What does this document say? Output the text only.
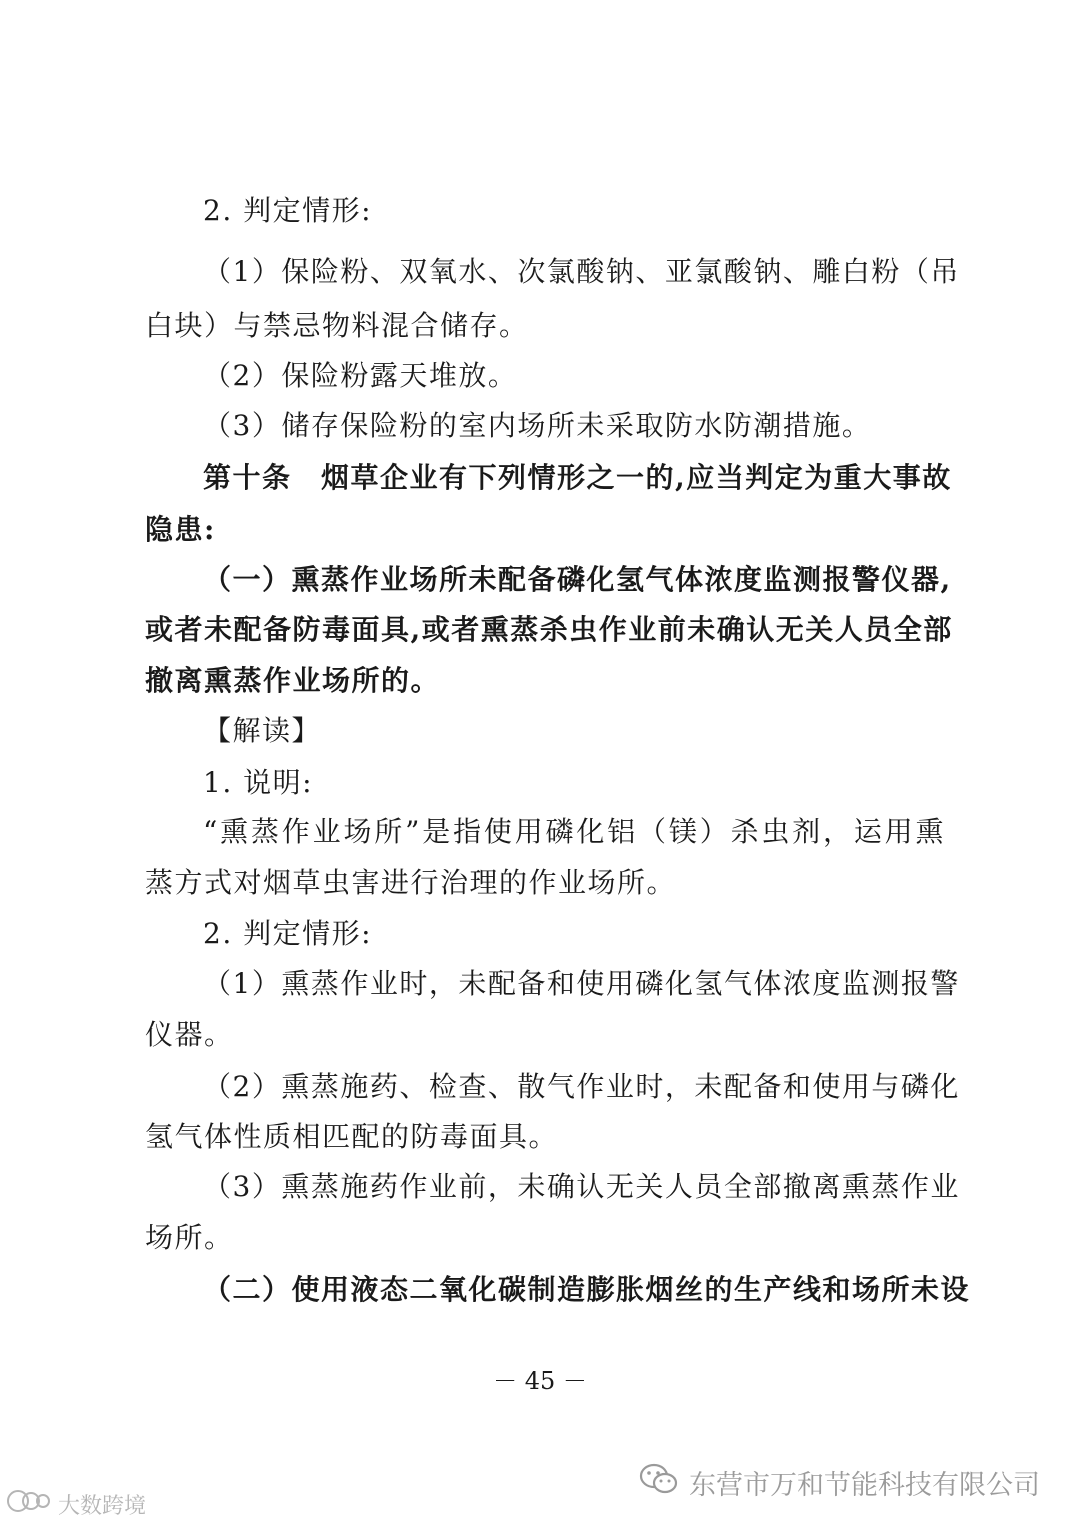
2. 判定情形:
（1）保险粉、双氧水、次氯酸钠、亚氯酸钠、雕白粉（吊
白块）与禁忌物料混合储存。
（2）保险粉露天堆放。
（3）储存保险粉的室内场所未采取防水防潮措施。
第十条　烟草企业有下列情形之一的,应当判定为重大事故
隐患:
（一）熏蒸作业场所未配备磷化氢气体浓度监测报警仪器,
或者未配备防毒面具,或者熏蒸杀虫作业前未确认无关人员全部
撤离熏蒸作业场所的。
【解读】
1. 说明:
“熏蒸作业场所”是指使用磷化铝（镁）杀虫剂，运用熏
蒸方式对烟草虫害进行治理的作业场所。
2. 判定情形:
（1）熏蒸作业时，未配备和使用磷化氢气体浓度监测报警
仪器。
（2）熏蒸施药、检查、散气作业时，未配备和使用与磷化
氢气体性质相匹配的防毒面具。
（3）熏蒸施药作业前，未确认无关人员全部撤离熏蒸作业
场所。
（二）使用液态二氧化碳制造膨胀烟丝的生产线和场所未设
－ 45 －
东营市万和节能科技有限公司
大数跨境
